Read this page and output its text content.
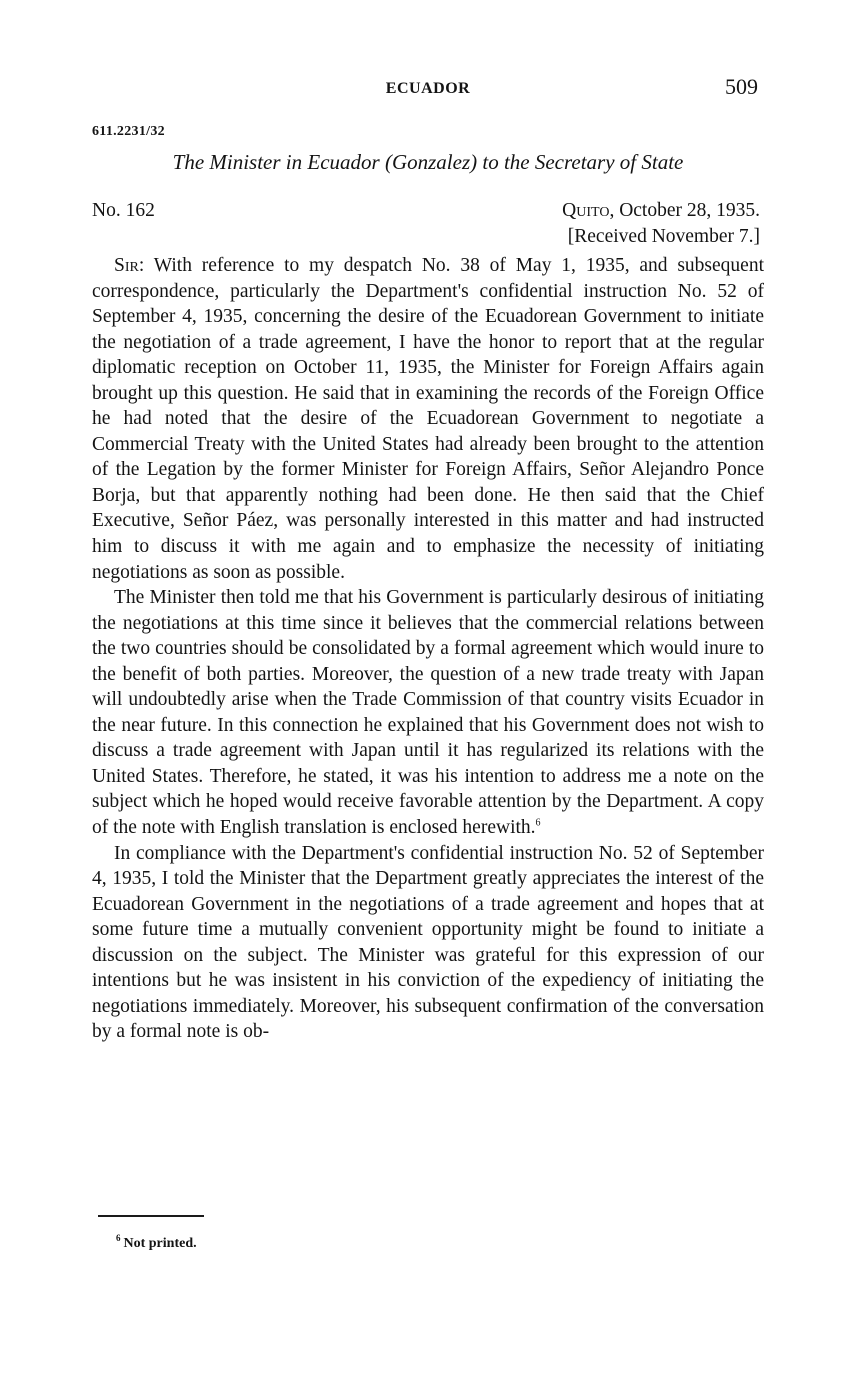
ECUADOR	509
611.2231/32
The Minister in Ecuador (Gonzalez) to the Secretary of State
No. 162	Quito, October 28, 1935.
[Received November 7.]

Sir: With reference to my despatch No. 38 of May 1, 1935, and subsequent correspondence, particularly the Department's confidential instruction No. 52 of September 4, 1935, concerning the desire of the Ecuadorean Government to initiate the negotiation of a trade agreement, I have the honor to report that at the regular diplomatic reception on October 11, 1935, the Minister for Foreign Affairs again brought up this question. He said that in examining the records of the Foreign Office he had noted that the desire of the Ecuadorean Government to negotiate a Commercial Treaty with the United States had already been brought to the attention of the Legation by the former Minister for Foreign Affairs, Señor Alejandro Ponce Borja, but that apparently nothing had been done. He then said that the Chief Executive, Señor Páez, was personally interested in this matter and had instructed him to discuss it with me again and to emphasize the necessity of initiating negotiations as soon as possible.

The Minister then told me that his Government is particularly desirous of initiating the negotiations at this time since it believes that the commercial relations between the two countries should be consolidated by a formal agreement which would inure to the benefit of both parties. Moreover, the question of a new trade treaty with Japan will undoubtedly arise when the Trade Commission of that country visits Ecuador in the near future. In this connection he explained that his Government does not wish to discuss a trade agreement with Japan until it has regularized its relations with the United States. Therefore, he stated, it was his intention to address me a note on the subject which he hoped would receive favorable attention by the Department. A copy of the note with English translation is enclosed herewith.$^6$

In compliance with the Department's confidential instruction No. 52 of September 4, 1935, I told the Minister that the Department greatly appreciates the interest of the Ecuadorean Government in the negotiations of a trade agreement and hopes that at some future time a mutually convenient opportunity might be found to initiate a discussion on the subject. The Minister was grateful for this expression of our intentions but he was insistent in his conviction of the expediency of initiating the negotiations immediately. Moreover, his subsequent confirmation of the conversation by a formal note is ob-

$^6$ Not printed.
